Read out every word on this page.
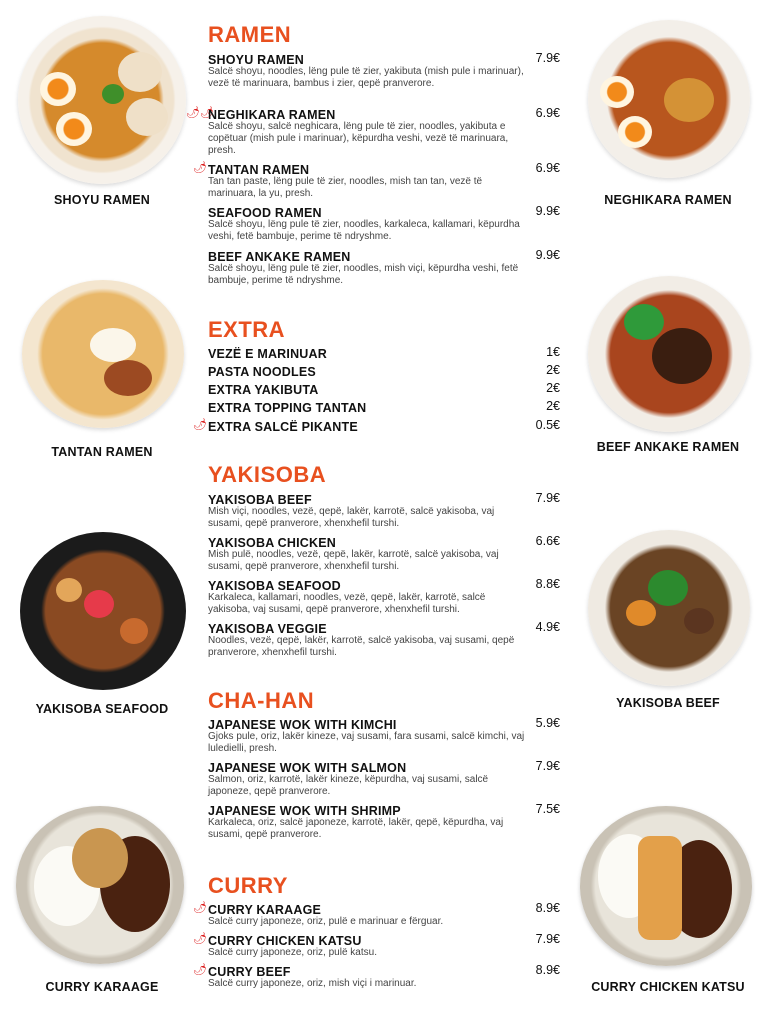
SHOYU RAMEN
TANTAN RAMEN
YAKISOBA SEAFOOD
CURRY KARAAGE
NEGHIKARA RAMEN
BEEF ANKAKE RAMEN
YAKISOBA BEEF
CURRY CHICKEN KATSU
RAMEN
SHOYU RAMEN	7.9€
Salcë shoyu, noodles, lëng pule të zier, yakibuta (mish pule i marinuar), vezë të marinuara, bambus i zier, qepë pranverore.
🌶🌶
NEGHIKARA RAMEN	6.9€
Salcë shoyu, salcë neghicara, lëng pule të zier, noodles, yakibuta e copëtuar (mish pule i marinuar), këpurdha veshi, vezë të marinuara, presh.
🌶 TANTAN RAMEN	6.9€
Tan tan paste, lëng pule të zier, noodles, mish tan tan, vezë të marinuara, la yu, presh.
SEAFOOD RAMEN	9.9€
Salcë shoyu, lëng pule të zier, noodles, karkaleca, kallamari, këpurdha veshi, fetë bambuje, perime të ndryshme.
BEEF ANKAKE RAMEN	9.9€
Salcë shoyu, lëng pule të zier, noodles, mish viçi, këpurdha veshi, fetë bambuje, perime të ndryshme.
EXTRA
VEZË E MARINUAR	1€
PASTA NOODLES	2€
EXTRA YAKIBUTA	2€
EXTRA TOPPING TANTAN	2€
🌶 EXTRA SALCË PIKANTE	0.5€
YAKISOBA
YAKISOBA BEEF	7.9€
Mish viçi, noodles, vezë, qepë, lakër, karrotë, salcë yakisoba, vaj susami, qepë pranverore, xhenxhefil turshi.
YAKISOBA CHICKEN	6.6€
Mish pulë, noodles, vezë, qepë, lakër, karrotë, salcë yakisoba, vaj susami, qepë pranverore, xhenxhefil turshi.
YAKISOBA SEAFOOD	8.8€
Karkaleca, kallamari, noodles, vezë, qepë, lakër, karrotë, salcë yakisoba, vaj susami, qepë pranverore, xhenxhefil turshi.
YAKISOBA VEGGIE	4.9€
Noodles, vezë, qepë, lakër, karrotë, salcë yakisoba, vaj susami, qepë pranverore, xhenxhefil turshi.
CHA-HAN
JAPANESE WOK WITH KIMCHI	5.9€
Gjoks pule, oriz, lakër kineze, vaj susami, fara susami, salcë kimchi, vaj luledielli, presh.
JAPANESE WOK WITH SALMON	7.9€
Salmon, oriz, karrotë, lakër kineze, këpurdha, vaj susami, salcë japoneze, qepë pranverore.
JAPANESE WOK WITH SHRIMP	7.5€
Karkaleca, oriz, salcë japoneze, karrotë, lakër, qepë, këpurdha, vaj susami, qepë pranverore.
CURRY
🌶 CURRY KARAAGE	8.9€
Salcë curry japoneze, oriz, pulë e marinuar e fërguar.
🌶 CURRY CHICKEN KATSU	7.9€
Salcë curry japoneze, oriz, pulë katsu.
🌶 CURRY BEEF	8.9€
Salcë curry japoneze, oriz, mish viçi i marinuar.
